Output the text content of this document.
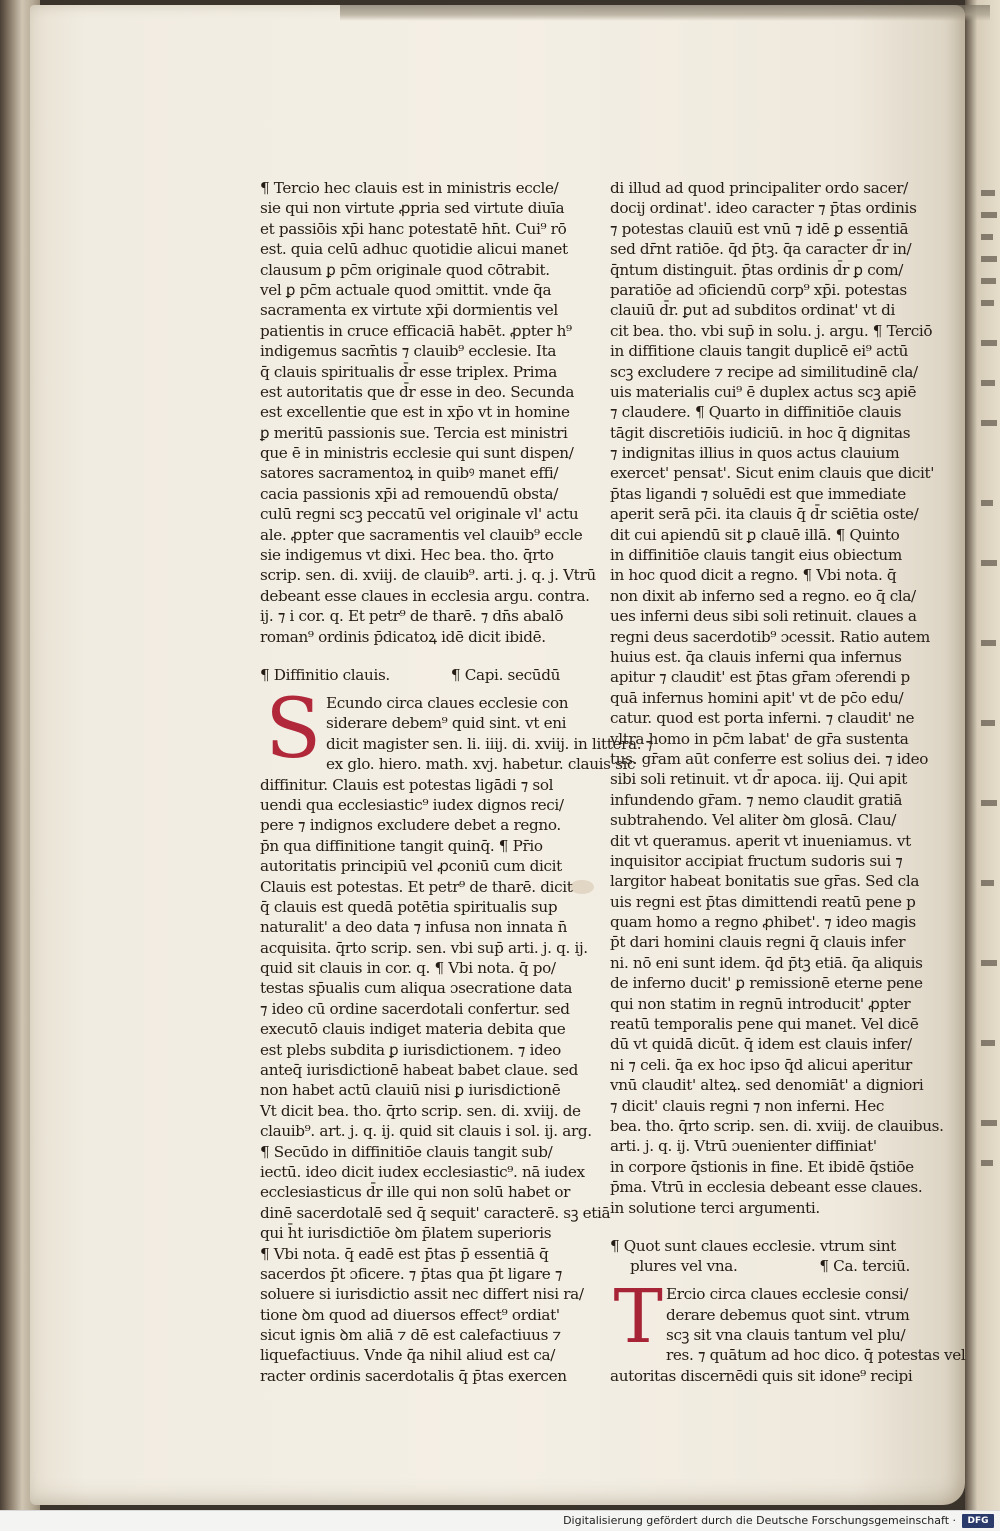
¶ Tercio hec clauis est in ministris eccle/
sie qui non virtute ꝓpria sed virtute diuīa
et passiōis xp̄i hanc potestatē hn̄t. Cui⁹ rō
est. quia celū adhuc quotidie alicui manet
clausum ꝑ pc̄m originale quod cōtrabit.
vel ꝑ pc̄m actuale quod ɔmittit. vnde q̄a
sacramenta ex virtute xp̄i dormientis vel
patientis in cruce efficaciā habēt. ꝓpter h⁹
indigemus sacm̄tis ⁊ clauib⁹ ecclesie. Ita
q̄ clauis spiritualis d̄r esse triplex. Prima
est autoritatis que d̄r esse in deo. Secunda
est excellentie que est in xp̄o vt in homine
ꝑ meritū passionis sue. Tercia est ministri
que ē in ministris ecclesie qui sunt dispen/
satores sacramentoꝝ in quibꝰ manet effi/
cacia passionis xp̄i ad remouendū obsta/
culū regni scꝫ peccatū vel originale vl' actu
ale. ꝓpter que sacramentis vel clauib⁹ eccle
sie indigemus vt dixi. Hec bea. tho. q̄rto
scrip. sen. di. xviij. de clauib⁹. arti. j. q. j. Vtrū
debeant esse claues in ecclesia argu. contra.
ij. ⁊ i cor. q. Et petr⁹ de tharē. ⁊ dn̄s abalō
roman⁹ ordinis p̄dicatoꝝ idē dicit ibidē.
¶ Diffinitio clauis.	¶ Capi. secūdū
S Ecundo circa claues ecclesie con
siderare debem⁹ quid sint. vt eni
dicit magister sen. li. iiij. di. xviij. in littera. ⁊
ex glo. hiero. math. xvj. habetur. clauis sic
diffinitur. Clauis est potestas ligādi ⁊ sol
uendi qua ecclesiastic⁹ iudex dignos reci/
pere ⁊ indignos excludere debet a regno.
p̄n qua diffinitione tangit quinq̄. ¶ Pr̄io
autoritatis principiū vel ꝓconiū cum dicit
Clauis est potestas. Et petr⁹ de tharē. dicit
q̄ clauis est quedā potētia spiritualis sup
naturalit' a deo data ⁊ infusa non innata n̄
acquisita. q̄rto scrip. sen. vbi sup̄ arti. j. q. ij.
quid sit clauis in cor. q. ¶ Vbi nota. q̄ po/
testas sp̄ualis cum aliqua ɔsecratione data
⁊ ideo cū ordine sacerdotali confertur. sed
executō clauis indiget materia debita que
est plebs subdita ꝑ iurisdictionem. ⁊ ideo
anteq̄ iurisdictionē habeat babet claue. sed
non habet actū clauiū nisi ꝑ iurisdictionē
Vt dicit bea. tho. q̄rto scrip. sen. di. xviij. de
clauib⁹. art. j. q. ij. quid sit clauis i sol. ij. arg.
¶ Secūdo in diffinitiōe clauis tangit sub/
iectū. ideo dicit iudex ecclesiastic⁹. nā iudex
ecclesiasticus d̄r ille qui non solū habet or
dinē sacerdotalē sed q̄ sequit' caracterē. sꝫ etiā
qui h̄t iurisdictiōe ꝺm p̄latem superioris
¶ Vbi nota. q̄ eadē est p̄tas p̄ essentiā q̄
sacerdos p̄t ɔficere. ⁊ p̄tas qua p̄t ligare ⁊
soluere si iurisdictio assit nec differt nisi ra/
tione ꝺm quod ad diuersos effect⁹ ordiat'
sicut ignis ꝺm aliā ⁊ dē est calefactiuus ⁊
liquefactiuus. Vnde q̄a nihil aliud est ca/
racter ordinis sacerdotalis q̄ p̄tas exercen
di illud ad quod principaliter ordo sacer/
docij ordinat'. ideo caracter ⁊ p̄tas ordinis
⁊ potestas clauiū est vnū ⁊ idē ꝑ essentiā
sed dr̄nt ratiōe. q̄d p̄tꝫ. q̄a caracter d̄r in/
q̄ntum distinguit. p̄tas ordinis d̄r ꝑ com/
paratiōe ad ɔficiendū corp⁹ xp̄i. potestas
clauiū d̄r. ꝑut ad subditos ordinat' vt di
cit bea. tho. vbi sup̄ in solu. j. argu. ¶ Terciō
in diffitione clauis tangit duplicē ei⁹ actū
scꝫ excludere ⁊ recipe ad similitudinē cla/
uis materialis cui⁹ ē duplex actus scꝫ apiē
⁊ claudere. ¶ Quarto in diffinitiōe clauis
tāgit discretiōis iudiciū. in hoc q̄ dignitas
⁊ indignitas illius in quos actus clauium
exercet' pensat'. Sicut enim clauis que dicit'
p̄tas ligandi ⁊ soluēdi est que immediate
aperit serā pc̄i. ita clauis q̄ d̄r sciētia oste/
dit cui apiendū sit ꝑ clauē illā. ¶ Quinto
in diffinitiōe clauis tangit eius obiectum
in hoc quod dicit a regno. ¶ Vbi nota. q̄
non dixit ab inferno sed a regno. eo q̄ cla/
ues inferni deus sibi soli retinuit. claues a
regni deus sacerdotib⁹ ɔcessit. Ratio autem
huius est. q̄a clauis inferni qua infernus
apitur ⁊ claudit' est p̄tas gr̄am ɔferendi p
quā infernus homini apit' vt de pc̄o edu/
catur. quod est porta inferni. ⁊ claudit' ne
vltra homo in pc̄m labat' de gr̄a sustenta
tus. gr̄am aūt conferre est solius dei. ⁊ ideo
sibi soli retinuit. vt d̄r apoca. iij. Qui apit
infundendo gr̄am. ⁊ nemo claudit gratiā
subtrahendo. Vel aliter ꝺm glosā. Clau/
dit vt queramus. aperit vt inueniamus. vt
inquisitor accipiat fructum sudoris sui ⁊
largitor habeat bonitatis sue gr̄as. Sed cla
uis regni est p̄tas dimittendi reatū pene p
quam homo a regno ꝓhibet'. ⁊ ideo magis
p̄t dari homini clauis regni q̄ clauis infer
ni. nō eni sunt idem. q̄d p̄tꝫ etiā. q̄a aliquis
de inferno ducit' ꝑ remissionē eterne pene
qui non statim in regnū introducit' ꝓpter
reatū temporalis pene qui manet. Vel dicē
dū vt quidā dicūt. q̄ idem est clauis infer/
ni ⁊ celi. q̄a ex hoc ipso q̄d alicui aperitur
vnū claudit' alteꝝ. sed denomiāt' a digniori
⁊ dicit' clauis regni ⁊ non inferni. Hec
bea. tho. q̄rto scrip. sen. di. xviij. de clauibus.
arti. j. q. ij. Vtrū ɔuenienter diffiniat'
in corpore q̄stionis in fine. Et ibidē q̄stiōe
p̄ma. Vtrū in ecclesia debeant esse claues.
in solutione terci argumenti.
¶ Quot sunt claues ecclesie. vtrum sint
plures vel vna.	¶ Ca. terciū.
T Ercio circa claues ecclesie consi/
derare debemus quot sint. vtrum
scꝫ sit vna clauis tantum vel plu/
res. ⁊ quātum ad hoc dico. q̄ potestas vel
autoritas discernēdi quis sit idone⁹ recipi
Digitalisierung gefördert durch die Deutsche Forschungsgemeinschaft ·	DFG
